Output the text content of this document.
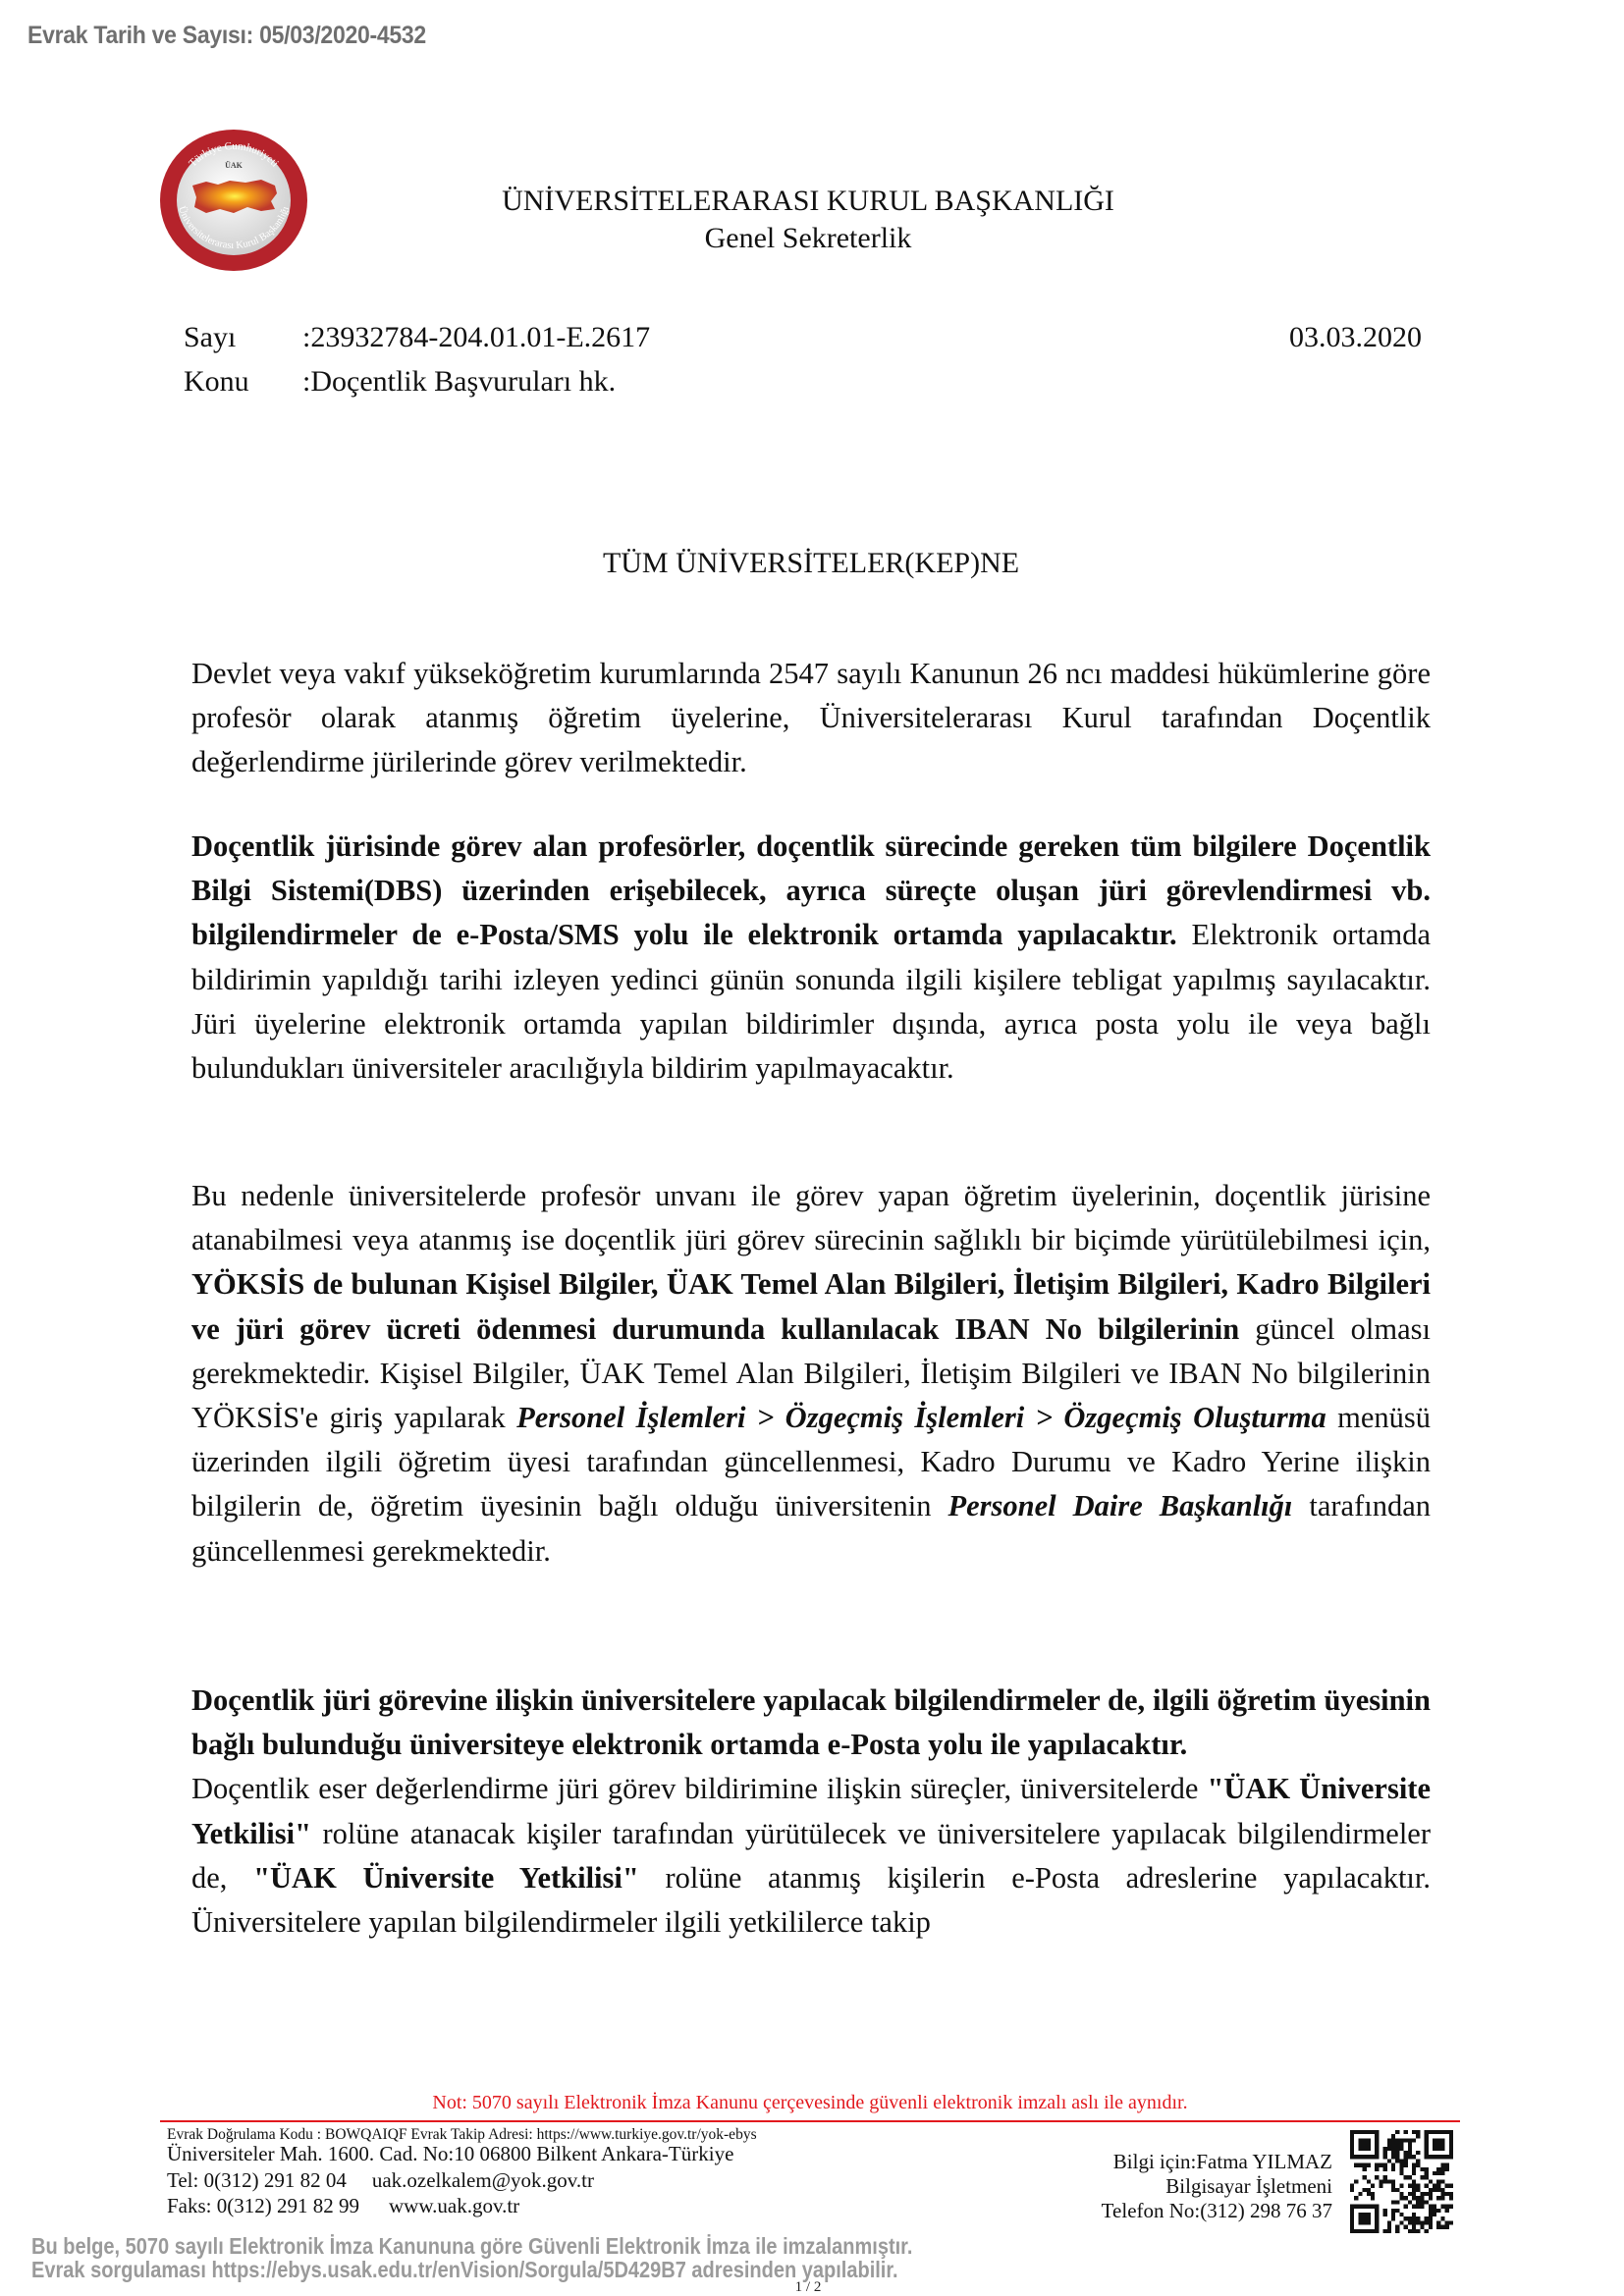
Evrak Tarih ve Sayısı: 05/03/2020-4532
ÜAK
Türkiye Cumhuriyeti
Üniversitelerarası Kurul Başkanlığı	ÜNİVERSİTELERARASI KURUL BAŞKANLIĞI
Genel Sekreterlik
Sayı :23932784-204.01.01-E.2617
Konu :Doçentlik Başvuruları hk.
03.03.2020
TÜM ÜNİVERSİTELER(KEP)NE

Devlet veya vakıf yükseköğretim kurumlarında 2547 sayılı Kanunun 26 ncı maddesi hükümlerine göre profesör olarak atanmış öğretim üyelerine, Üniversitelerarası Kurul tarafından Doçentlik değerlendirme jürilerinde görev verilmektedir.

Doçentlik jürisinde görev alan profesörler, doçentlik sürecinde gereken tüm bilgilere Doçentlik Bilgi Sistemi(DBS) üzerinden erişebilecek, ayrıca süreçte oluşan jüri görevlendirmesi vb. bilgilendirmeler de e-Posta/SMS yolu ile elektronik ortamda yapılacaktır. Elektronik ortamda bildirimin yapıldığı tarihi izleyen yedinci günün sonunda ilgili kişilere tebligat yapılmış sayılacaktır. Jüri üyelerine elektronik ortamda yapılan bildirimler dışında, ayrıca posta yolu ile veya bağlı bulundukları üniversiteler aracılığıyla bildirim yapılmayacaktır.

Bu nedenle üniversitelerde profesör unvanı ile görev yapan öğretim üyelerinin, doçentlik jürisine atanabilmesi veya atanmış ise doçentlik jüri görev sürecinin sağlıklı bir biçimde yürütülebilmesi için, YÖKSİS de bulunan Kişisel Bilgiler, ÜAK Temel Alan Bilgileri, İletişim Bilgileri, Kadro Bilgileri ve jüri görev ücreti ödenmesi durumunda kullanılacak IBAN No bilgilerinin güncel olması gerekmektedir. Kişisel Bilgiler, ÜAK Temel Alan Bilgileri, İletişim Bilgileri ve IBAN No bilgilerinin YÖKSİS'e giriş yapılarak Personel İşlemleri > Özgeçmiş İşlemleri > Özgeçmiş Oluşturma menüsü üzerinden ilgili öğretim üyesi tarafından güncellenmesi, Kadro Durumu ve Kadro Yerine ilişkin bilgilerin de, öğretim üyesinin bağlı olduğu üniversitenin Personel Daire Başkanlığı tarafından güncellenmesi gerekmektedir.

Doçentlik jüri görevine ilişkin üniversitelere yapılacak bilgilendirmeler de, ilgili öğretim üyesinin bağlı bulunduğu üniversiteye elektronik ortamda e-Posta yolu ile yapılacaktır.

Doçentlik eser değerlendirme jüri görev bildirimine ilişkin süreçler, üniversitelerde "ÜAK Üniversite Yetkilisi" rolüne atanacak kişiler tarafından yürütülecek ve üniversitelere yapılacak bilgilendirmeler de, "ÜAK Üniversite Yetkilisi" rolüne atanmış kişilerin e-Posta adreslerine yapılacaktır. Üniversitelere yapılan bilgilendirmeler ilgili yetkililerce takip

Not: 5070 sayılı Elektronik İmza Kanunu çerçevesinde güvenli elektronik imzalı aslı ile aynıdır.
Evrak Doğrulama Kodu : BOWQAIQF Evrak Takip Adresi: https://www.turkiye.gov.tr/yok-ebys
Üniversiteler Mah. 1600. Cad. No:10 06800 Bilkent Ankara-Türkiye
Tel: 0(312) 291 82 04 uak.ozelkalem@yok.gov.tr
Faks: 0(312) 291 82 99 www.uak.gov.tr
Bilgi için:Fatma YILMAZ
Bilgisayar İşletmeni
Telefon No:(312) 298 76 37
Bu belge, 5070 sayılı Elektronik İmza Kanununa göre Güvenli Elektronik İmza ile imzalanmıştır.
Evrak sorgulaması https://ebys.usak.edu.tr/enVision/Sorgula/5D429B7 adresinden yapılabilir.
1 / 2
